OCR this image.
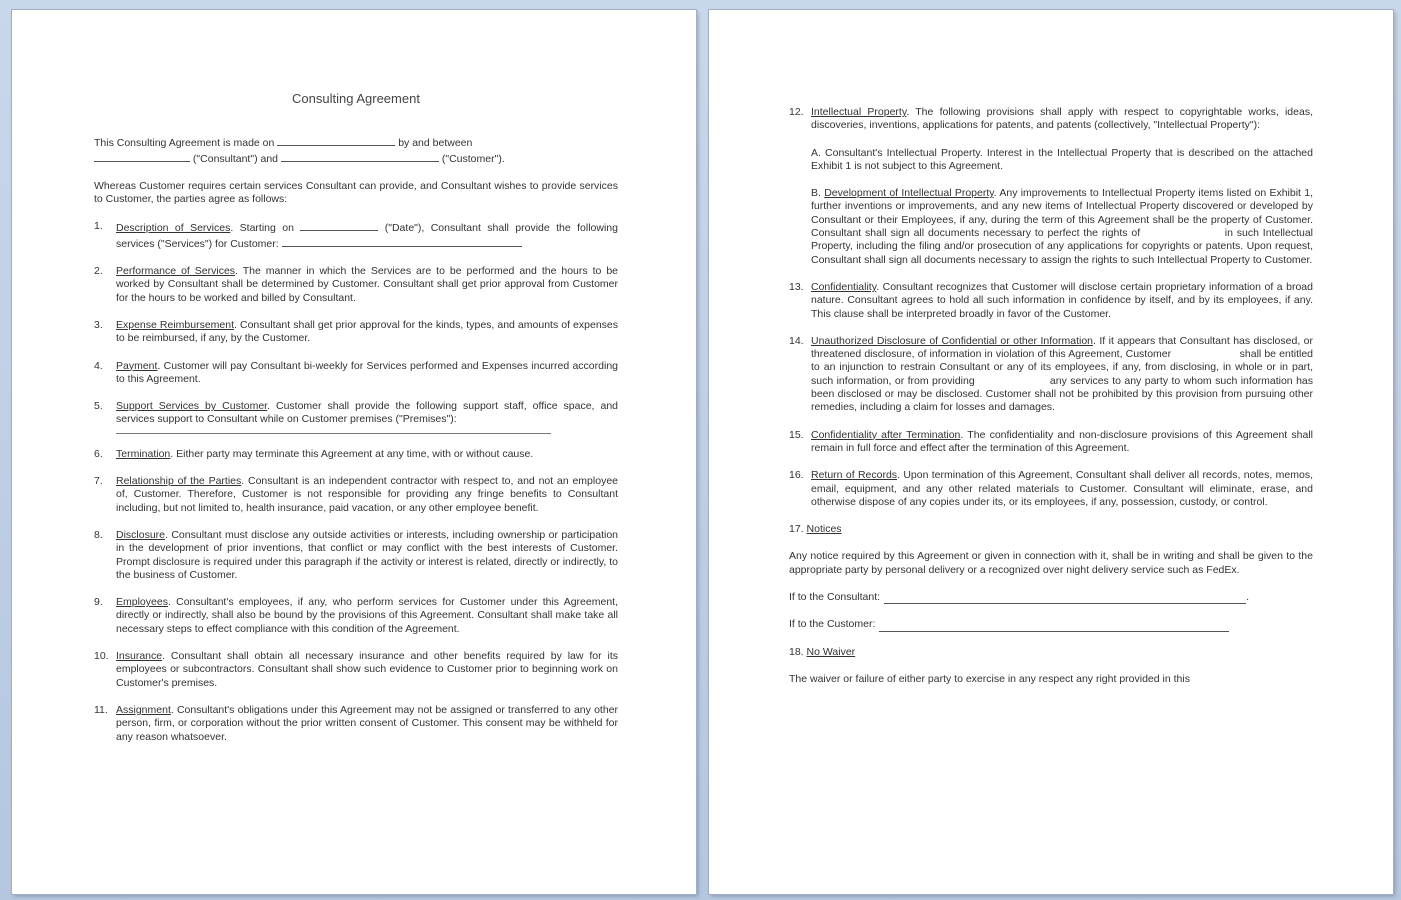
Consulting Agreement

This Consulting Agreement is made on	by and between
("Consultant") and	("Customer").

Whereas Customer requires certain services Consultant can provide, and Consultant wishes to provide services to Customer, the parties agree as follows:

1.	Description of Services. Starting on	("Date"), Consultant shall provide the following services ("Services") for Customer:
2.	Performance of Services. The manner in which the Services are to be performed and the hours to be worked by Consultant shall be determined by Customer. Consultant shall get prior approval from Customer for the hours to be worked and billed by Consultant.
3.	Expense Reimbursement. Consultant shall get prior approval for the kinds, types, and amounts of expenses to be reimbursed, if any, by the Customer.
4.	Payment. Customer will pay Consultant bi-weekly for Services performed and Expenses incurred according to this Agreement.
5.	Support Services by Customer. Customer shall provide the following support staff, office space, and services support to Consultant while on Customer premises ("Premises"):
6.	Termination. Either party may terminate this Agreement at any time, with or without cause.
7.	Relationship of the Parties. Consultant is an independent contractor with respect to, and not an employee of, Customer. Therefore, Customer is not responsible for providing any fringe benefits to Consultant including, but not limited to, health insurance, paid vacation, or any other employee benefit.
8.	Disclosure. Consultant must disclose any outside activities or interests, including ownership or participation in the development of prior inventions, that conflict or may conflict with the best interests of Customer. Prompt disclosure is required under this paragraph if the activity or interest is related, directly or indirectly, to the business of Customer.
9.	Employees. Consultant's employees, if any, who perform services for Customer under this Agreement, directly or indirectly, shall also be bound by the provisions of this Agreement. Consultant shall make take all necessary steps to effect compliance with this condition of the Agreement.
10. Insurance. Consultant shall obtain all necessary insurance and other benefits required by law for its employees or subcontractors. Consultant shall show such evidence to Customer prior to beginning work on Customer's premises.
11. Assignment. Consultant's obligations under this Agreement may not be assigned or transferred to any other person, firm, or corporation without the prior written consent of Customer. This consent may be withheld for any reason whatsoever.
12. Intellectual Property. The following provisions shall apply with respect to copyrightable works, ideas, discoveries, inventions, applications for patents, and patents (collectively, "Intellectual Property"):

A. Consultant's Intellectual Property. Interest in the Intellectual Property that is described on the attached Exhibit 1 is not subject to this Agreement.

B. Development of Intellectual Property. Any improvements to Intellectual Property items listed on Exhibit 1, further inventions or improvements, and any new items of Intellectual Property discovered or developed by Consultant or their Employees, if any, during the term of this Agreement shall be the property of Customer. Consultant shall sign all documents necessary to perfect the rights of                      in such Intellectual Property, including the filing and/or prosecution of any applications for copyrights or patents. Upon request, Consultant shall sign all documents necessary to assign the rights to such Intellectual Property to Customer.

13. Confidentiality. Consultant recognizes that Customer will disclose certain proprietary information of a broad nature. Consultant agrees to hold all such information in confidence by itself, and by its employees, if any. This clause shall be interpreted broadly in favor of the Customer.
14. Unauthorized Disclosure of Confidential or other Information. If it appears that Consultant has disclosed, or threatened disclosure, of information in violation of this Agreement, Customer                      shall be entitled to an injunction to restrain Consultant or any of its employees, if any, from disclosing, in whole or in part, such information, or from providing                      any services to any party to whom such information has been disclosed or may be disclosed. Customer shall not be prohibited by this provision from pursuing other remedies, including a claim for losses and damages.
15. Confidentiality after Termination. The confidentiality and non-disclosure provisions of this Agreement shall remain in full force and effect after the termination of this Agreement.
16. Return of Records. Upon termination of this Agreement, Consultant shall deliver all records, notes, memos, email, equipment, and any other related materials to Customer. Consultant will eliminate, erase, and otherwise dispose of any copies under its, or its employees, if any, possession, custody, or control.

17. Notices

Any notice required by this Agreement or given in connection with it, shall be in writing and shall be given to the appropriate party by personal delivery or a recognized over night delivery service such as FedEx.

If to the Consultant:	.
If to the Customer:

18. No Waiver

The waiver or failure of either party to exercise in any respect any right provided in this
